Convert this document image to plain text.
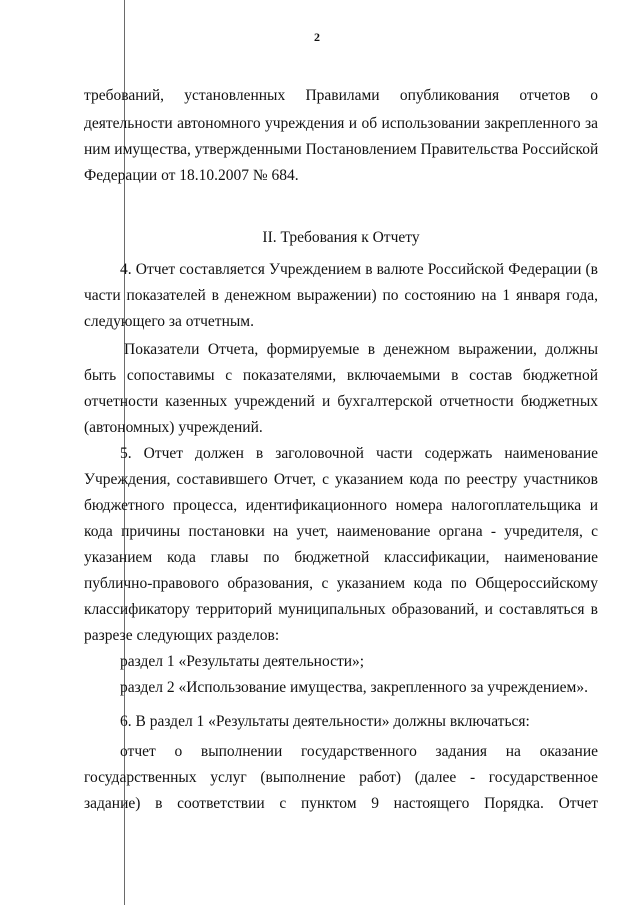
2
требований, установленных Правилами опубликования отчетов о
деятельности автономного учреждения и об использовании закрепленного за
ним имущества, утвержденными Постановлением Правительства Российской
Федерации от 18.10.2007 № 684.
II. Требования к Отчету
4. Отчет составляется Учреждением в валюте Российской Федерации (в
части показателей в денежном выражении) по состоянию на 1 января года,
следующего за отчетным.
Показатели Отчета, формируемые в денежном выражении, должны
быть сопоставимы с показателями, включаемыми в состав бюджетной
отчетности казенных учреждений и бухгалтерской отчетности бюджетных
(автономных) учреждений.
5. Отчет должен в заголовочной части содержать наименование
Учреждения, составившего Отчет, с указанием кода по реестру участников
бюджетного процесса, идентификационного номера налогоплательщика и
кода причины постановки на учет, наименование органа - учредителя, с
указанием кода главы по бюджетной классификации, наименование
публично-правового образования, с указанием кода по Общероссийскому
классификатору территорий муниципальных образований, и составляться в
разрезе следующих разделов:
раздел 1 «Результаты деятельности»;
раздел 2 «Использование имущества, закрепленного за учреждением».
6. В раздел 1 «Результаты деятельности» должны включаться:
отчет о выполнении государственного задания на оказание
государственных услуг (выполнение работ) (далее - государственное
задание) в соответствии с пунктом 9 настоящего Порядка. Отчет
